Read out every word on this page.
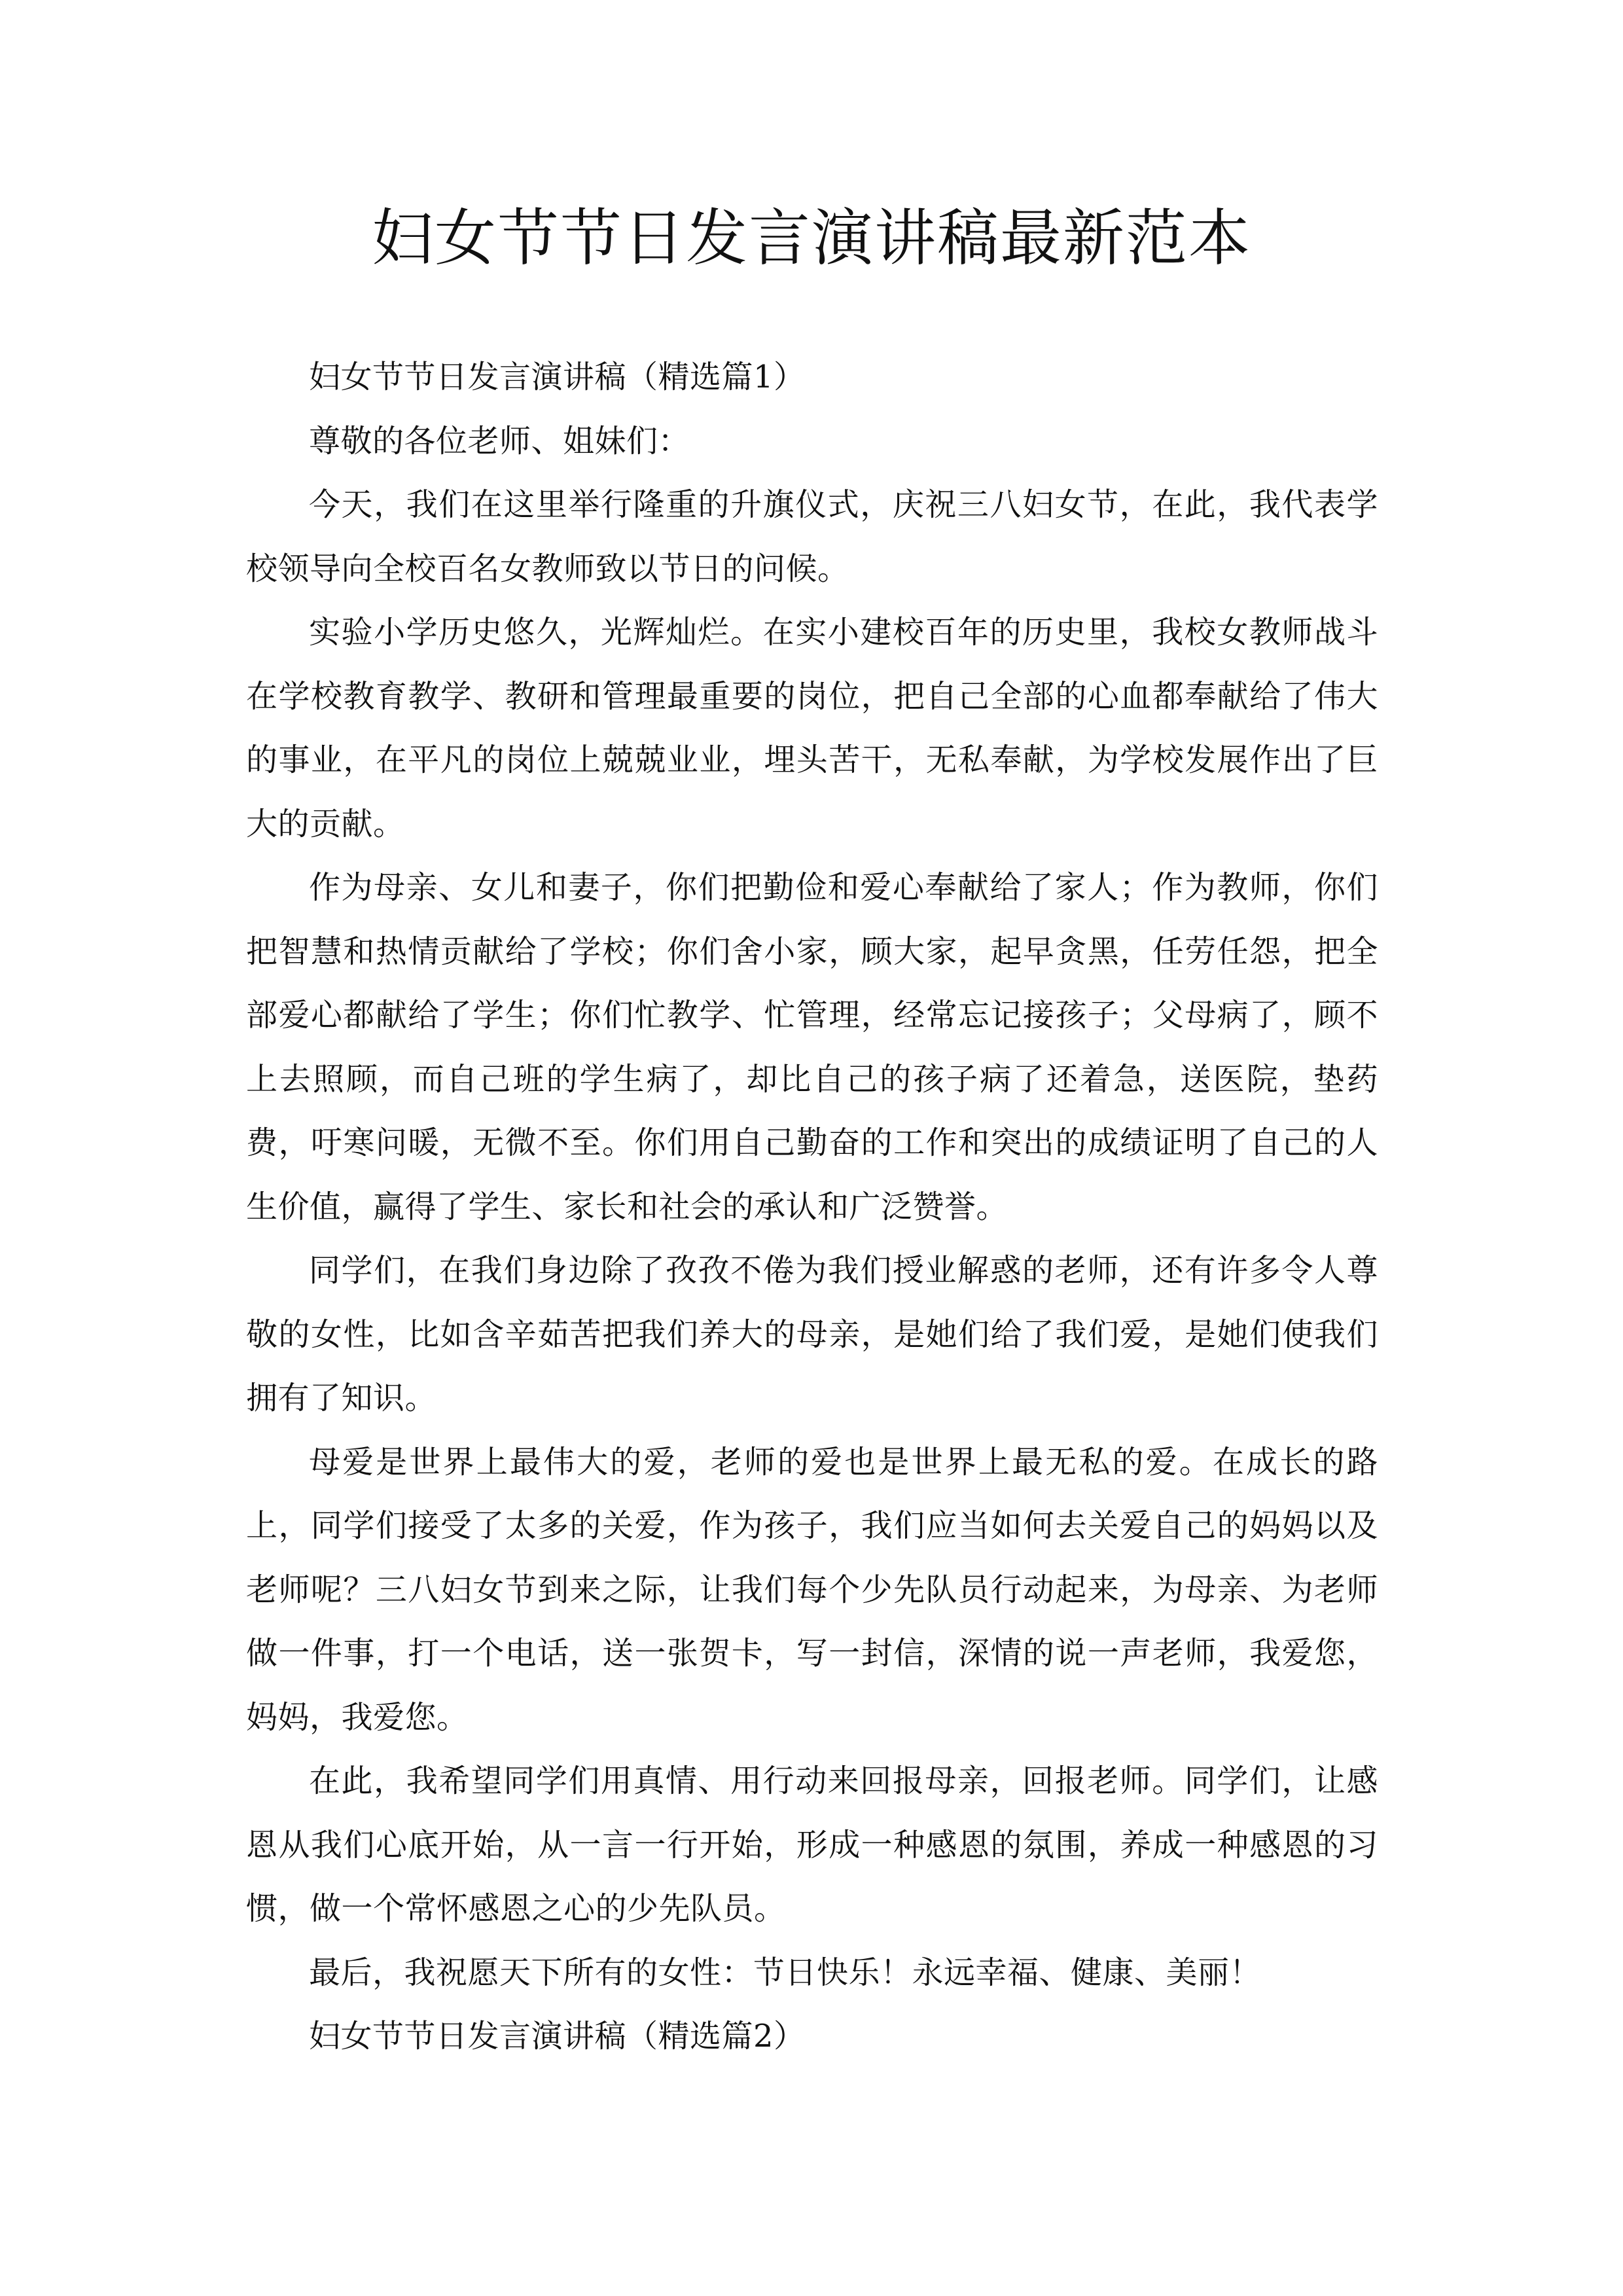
妇女节节日发言演讲稿最新范本

妇女节节日发言演讲稿（精选篇1）

尊敬的各位老师、姐妹们：

今天，我们在这里举行隆重的升旗仪式，庆祝三八妇女节，在此，我代表学校领导向全校百名女教师致以节日的问候。

实验小学历史悠久，光辉灿烂。在实小建校百年的历史里，我校女教师战斗在学校教育教学、教研和管理最重要的岗位，把自己全部的心血都奉献给了伟大的事业，在平凡的岗位上兢兢业业，埋头苦干，无私奉献，为学校发展作出了巨大的贡献。

作为母亲、女儿和妻子，你们把勤俭和爱心奉献给了家人；作为教师，你们把智慧和热情贡献给了学校；你们舍小家，顾大家，起早贪黑，任劳任怨，把全部爱心都献给了学生；你们忙教学、忙管理，经常忘记接孩子；父母病了，顾不上去照顾，而自己班的学生病了，却比自己的孩子病了还着急，送医院，垫药费，吁寒问暖，无微不至。你们用自己勤奋的工作和突出的成绩证明了自己的人生价值，赢得了学生、家长和社会的承认和广泛赞誉。

同学们，在我们身边除了孜孜不倦为我们授业解惑的老师，还有许多令人尊敬的女性，比如含辛茹苦把我们养大的母亲，是她们给了我们爱，是她们使我们拥有了知识。

母爱是世界上最伟大的爱，老师的爱也是世界上最无私的爱。在成长的路上，同学们接受了太多的关爱，作为孩子，我们应当如何去关爱自己的妈妈以及老师呢？三八妇女节到来之际，让我们每个少先队员行动起来，为母亲、为老师做一件事，打一个电话，送一张贺卡，写一封信，深情的说一声老师，我爱您，妈妈，我爱您。

在此，我希望同学们用真情、用行动来回报母亲，回报老师。同学们，让感恩从我们心底开始，从一言一行开始，形成一种感恩的氛围，养成一种感恩的习惯，做一个常怀感恩之心的少先队员。

最后，我祝愿天下所有的女性：节日快乐！永远幸福、健康、美丽！

妇女节节日发言演讲稿（精选篇2）
